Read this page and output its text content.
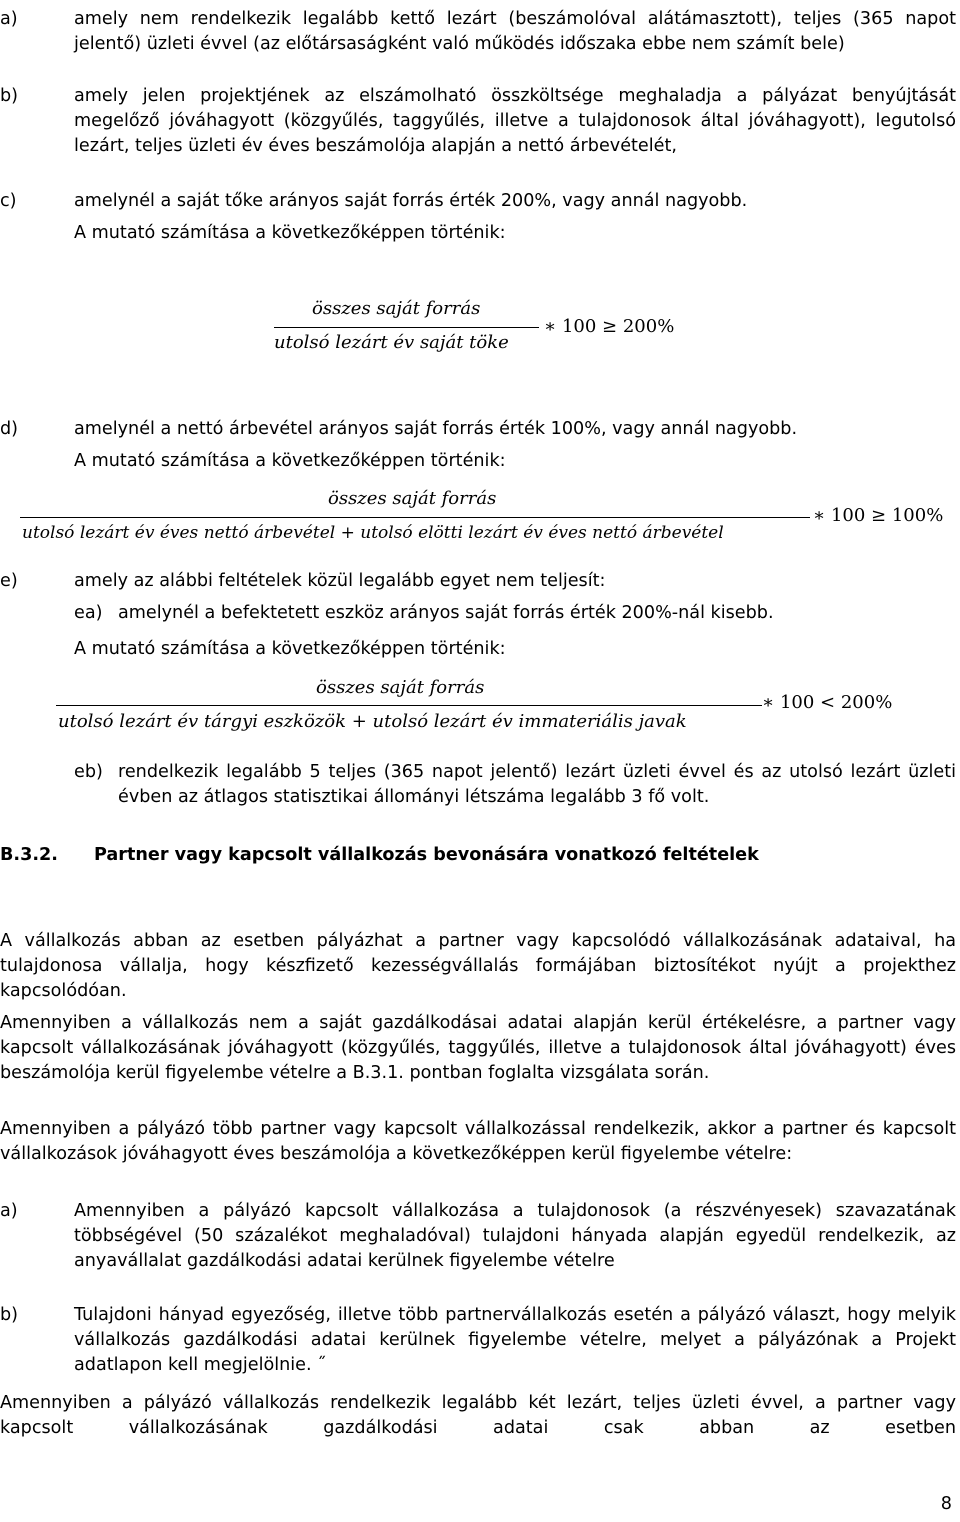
a)	amely nem rendelkezik legalább kettő lezárt (beszámolóval alátámasztott), teljes (365 napot jelentő) üzleti évvel (az előtársaságként való működés időszaka ebbe nem számít bele)
b)	amely jelen projektjének az elszámolható összköltsége meghaladja a pályázat benyújtását megelőző jóváhagyott (közgyűlés, taggyűlés, illetve a tulajdonosok által jóváhagyott), legutolsó lezárt, teljes üzleti év éves beszámolója alapján a nettó árbevételét,
c)	amelynél a saját tőke arányos saját forrás érték 200%, vagy annál nagyobb.
A mutató számítása a következőképpen történik:
összes saját forrás
utolsó lezárt év saját töke
∗ 100 ≥ 200%
d)	amelynél a nettó árbevétel arányos saját forrás érték 100%, vagy annál nagyobb.
A mutató számítása a következőképpen történik:
összes saját forrás
utolsó lezárt év éves nettó árbevétel + utolsó elötti lezárt év éves nettó árbevétel
∗ 100 ≥ 100%
e)	amely az alábbi feltételek közül legalább egyet nem teljesít:
ea) amelynél a befektetett eszköz arányos saját forrás érték 200%-nál kisebb.
A mutató számítása a következőképpen történik:
összes saját forrás
utolsó lezárt év tárgyi eszközök + utolsó lezárt év immateriális javak
∗ 100 < 200%
eb) rendelkezik legalább 5 teljes (365 napot jelentő) lezárt üzleti évvel és az utolsó lezárt üzleti évben az átlagos statisztikai állományi létszáma legalább 3 fő volt.
B.3.2. Partner vagy kapcsolt vállalkozás bevonására vonatkozó feltételek
A vállalkozás abban az esetben pályázhat a partner vagy kapcsolódó vállalkozásának adataival, ha tulajdonosa vállalja, hogy készfizető kezességvállalás formájában biztosítékot nyújt a projekthez kapcsolódóan.
Amennyiben a vállalkozás nem a saját gazdálkodásai adatai alapján kerül értékelésre, a partner vagy kapcsolt vállalkozásának jóváhagyott (közgyűlés, taggyűlés, illetve a tulajdonosok által jóváhagyott) éves beszámolója kerül figyelembe vételre a B.3.1. pontban foglalta vizsgálata során.
Amennyiben a pályázó több partner vagy kapcsolt vállalkozással rendelkezik, akkor a partner és kapcsolt vállalkozások jóváhagyott éves beszámolója a következőképpen kerül figyelembe vételre:
a)	Amennyiben a pályázó kapcsolt vállalkozása a tulajdonosok (a részvényesek) szavazatának többségével (50 százalékot meghaladóval) tulajdoni hányada alapján egyedül rendelkezik, az anyavállalat gazdálkodási adatai kerülnek figyelembe vételre
b)	Tulajdoni hányad egyezőség, illetve több partnervállalkozás esetén a pályázó választ, hogy melyik vállalkozás gazdálkodási adatai kerülnek figyelembe vételre, melyet a pályázónak a Projekt adatlapon kell megjelölnie. ˝
Amennyiben a pályázó vállalkozás rendelkezik legalább két lezárt, teljes üzleti évvel, a partner vagy kapcsolt vállalkozásának gazdálkodási adatai csak abban az esetben
8
